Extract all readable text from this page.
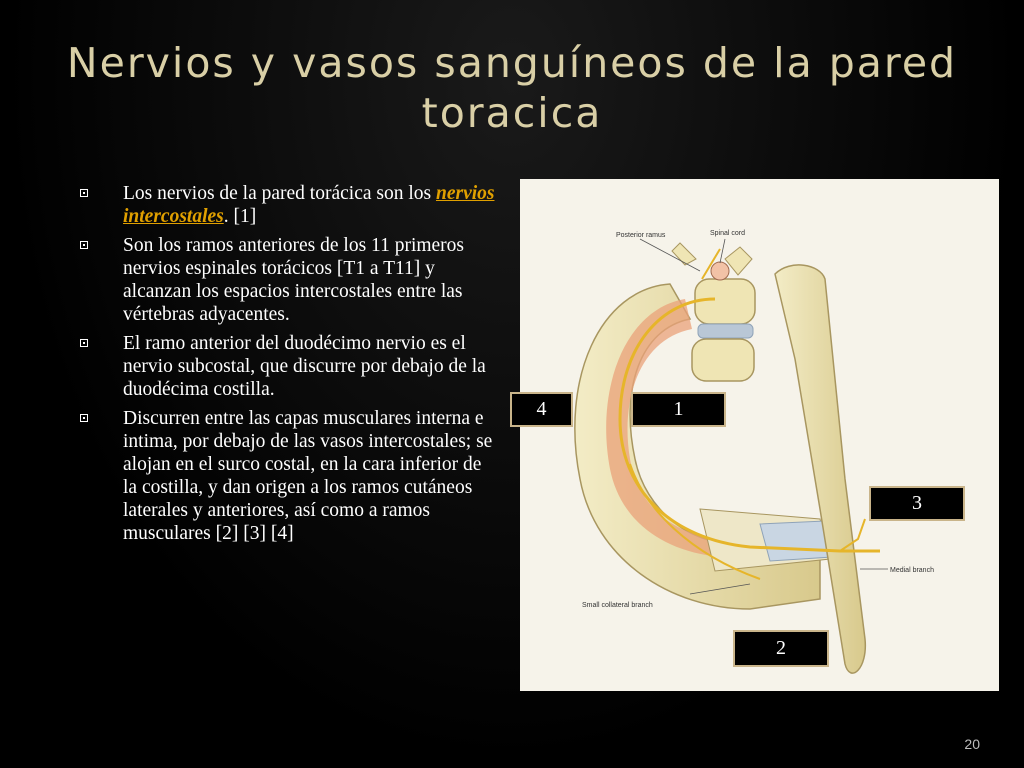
Nervios y vasos sanguíneos de la pared toracica
Los nervios de la pared torácica son los nervios intercostales. [1]
Son los ramos anteriores de los 11 primeros nervios espinales torácicos [T1 a T11] y alcanzan los espacios intercostales entre las vértebras adyacentes.
El ramo anterior del duodécimo nervio es el nervio subcostal, que discurre por debajo de la duodécima costilla.
Discurren entre las capas musculares interna e intima, por debajo de las vasos intercostales; se alojan en el surco costal, en la cara inferior de la costilla, y dan origen a los ramos cutáneos laterales y anteriores, así como a ramos musculares [2] [3] [4]
Posterior ramus	Spinal cord
Medial branch
Small collateral branch
4	1
3
2
20
